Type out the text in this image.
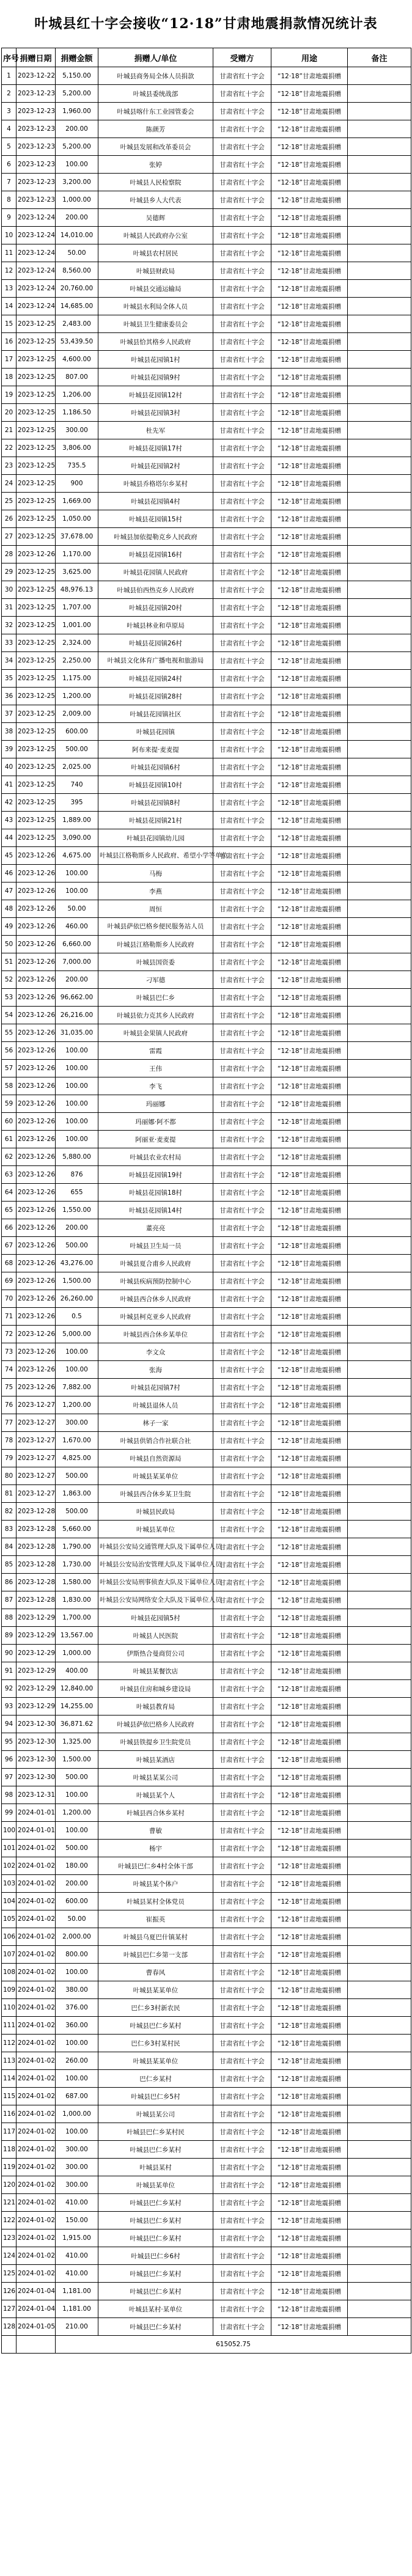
叶城县红十字会接收“12·18”甘肃地震捐款情况统计表
序号	捐赠日期	捐赠金额	捐赠人/单位	受赠方	用途	备注
1	2023-12-22	5,150.00	叶城县商务局全体人员捐款	甘肃省红十字会	“12·18”甘肃地震捐赠	
2	2023-12-23	5,200.00	叶城县委统战部	甘肃省红十字会	“12·18”甘肃地震捐赠	
3	2023-12-23	1,960.00	叶城县喀什东工业园管委会	甘肃省红十字会	“12·18”甘肃地震捐赠	
4	2023-12-23	200.00	陈颜芳	甘肃省红十字会	“12·18”甘肃地震捐赠	
5	2023-12-23	5,200.00	叶城县发展和改革委员会	甘肃省红十字会	“12·18”甘肃地震捐赠	
6	2023-12-23	100.00	张婷	甘肃省红十字会	“12·18”甘肃地震捐赠	
7	2023-12-23	3,200.00	叶城县人民检察院	甘肃省红十字会	“12·18”甘肃地震捐赠	
8	2023-12-23	1,000.00	叶城县乡人大代表	甘肃省红十字会	“12·18”甘肃地震捐赠	
9	2023-12-24	200.00	吴德辉	甘肃省红十字会	“12·18”甘肃地震捐赠	
10	2023-12-24	14,010.00	叶城县人民政府办公室	甘肃省红十字会	“12·18”甘肃地震捐赠	
11	2023-12-24	50.00	叶城县农村居民	甘肃省红十字会	“12·18”甘肃地震捐赠	
12	2023-12-24	8,560.00	叶城县财政局	甘肃省红十字会	“12·18”甘肃地震捐赠	
13	2023-12-24	20,760.00	叶城县交通运输局	甘肃省红十字会	“12·18”甘肃地震捐赠	
14	2023-12-24	14,685.00	叶城县水利局全体人员	甘肃省红十字会	“12·18”甘肃地震捐赠	
15	2023-12-25	2,483.00	叶城县卫生健康委员会	甘肃省红十字会	“12·18”甘肃地震捐赠	
16	2023-12-25	53,439.50	叶城县恰其格乡人民政府	甘肃省红十字会	“12·18”甘肃地震捐赠	
17	2023-12-25	4,600.00	叶城县花园镇1村	甘肃省红十字会	“12·18”甘肃地震捐赠	
18	2023-12-25	807.00	叶城县花园镇9村	甘肃省红十字会	“12·18”甘肃地震捐赠	
19	2023-12-25	1,206.00	叶城县花园镇12村	甘肃省红十字会	“12·18”甘肃地震捐赠	
20	2023-12-25	1,186.50	叶城县花园镇3村	甘肃省红十字会	“12·18”甘肃地震捐赠	
21	2023-12-25	300.00	杜先军	甘肃省红十字会	“12·18”甘肃地震捐赠	
22	2023-12-25	3,806.00	叶城县花园镇17村	甘肃省红十字会	“12·18”甘肃地震捐赠	
23	2023-12-25	735.5	叶城县花园镇2村	甘肃省红十字会	“12·18”甘肃地震捐赠	
24	2023-12-25	900	叶城县乔格塔尔乡某村	甘肃省红十字会	“12·18”甘肃地震捐赠	
25	2023-12-25	1,669.00	叶城县花园镇4村	甘肃省红十字会	“12·18”甘肃地震捐赠	
26	2023-12-25	1,050.00	叶城县花园镇15村	甘肃省红十字会	“12·18”甘肃地震捐赠	
27	2023-12-25	37,678.00	叶城县加依提勒克乡人民政府	甘肃省红十字会	“12·18”甘肃地震捐赠	
28	2023-12-26	1,170.00	叶城县花园镇16村	甘肃省红十字会	“12·18”甘肃地震捐赠	
29	2023-12-25	3,625.00	叶城县花园镇人民政府	甘肃省红十字会	“12·18”甘肃地震捐赠	
30	2023-12-25	48,976.13	叶城县伯西热克乡人民政府	甘肃省红十字会	“12·18”甘肃地震捐赠	
31	2023-12-25	1,707.00	叶城县花园镇20村	甘肃省红十字会	“12·18”甘肃地震捐赠	
32	2023-12-25	1,001.00	叶城县林业和草原局	甘肃省红十字会	“12·18”甘肃地震捐赠	
33	2023-12-25	2,324.00	叶城县花园镇26村	甘肃省红十字会	“12·18”甘肃地震捐赠	
34	2023-12-25	2,250.00	叶城县文化体育广播电视和旅游局	甘肃省红十字会	“12·18”甘肃地震捐赠	
35	2023-12-25	1,175.00	叶城县花园镇24村	甘肃省红十字会	“12·18”甘肃地震捐赠	
36	2023-12-25	1,200.00	叶城县花园镇28村	甘肃省红十字会	“12·18”甘肃地震捐赠	
37	2023-12-25	2,009.00	叶城县花园镇社区	甘肃省红十字会	“12·18”甘肃地震捐赠	
38	2023-12-25	600.00	叶城县花园镇	甘肃省红十字会	“12·18”甘肃地震捐赠	
39	2023-12-25	500.00	阿布来提·麦麦提	甘肃省红十字会	“12·18”甘肃地震捐赠	
40	2023-12-25	2,025.00	叶城县花园镇6村	甘肃省红十字会	“12·18”甘肃地震捐赠	
41	2023-12-25	740	叶城县花园镇10村	甘肃省红十字会	“12·18”甘肃地震捐赠	
42	2023-12-25	395	叶城县花园镇8村	甘肃省红十字会	“12·18”甘肃地震捐赠	
43	2023-12-25	1,889.00	叶城县花园镇21村	甘肃省红十字会	“12·18”甘肃地震捐赠	
44	2023-12-25	3,090.00	叶城县花园镇幼儿园	甘肃省红十字会	“12·18”甘肃地震捐赠	
45	2023-12-26	4,675.00	叶城县江格勒斯乡人民政府、希望小学等单位	甘肃省红十字会	“12·18”甘肃地震捐赠	
46	2023-12-26	100.00	马梅	甘肃省红十字会	“12·18”甘肃地震捐赠	
47	2023-12-26	100.00	李燕	甘肃省红十字会	“12·18”甘肃地震捐赠	
48	2023-12-26	50.00	周恒	甘肃省红十字会	“12·18”甘肃地震捐赠	
49	2023-12-26	460.00	叶城县萨依巴格乡便民服务站人员	甘肃省红十字会	“12·18”甘肃地震捐赠	
50	2023-12-26	6,660.00	叶城县江格勒斯乡人民政府	甘肃省红十字会	“12·18”甘肃地震捐赠	
51	2023-12-26	7,000.00	叶城县国资委	甘肃省红十字会	“12·18”甘肃地震捐赠	
52	2023-12-26	200.00	刁军德	甘肃省红十字会	“12·18”甘肃地震捐赠	
53	2023-12-26	96,662.00	叶城县巴仁乡	甘肃省红十字会	“12·18”甘肃地震捐赠	
54	2023-12-26	26,216.00	叶城县依力克其乡人民政府	甘肃省红十字会	“12·18”甘肃地震捐赠	
55	2023-12-26	31,035.00	叶城县金果镇人民政府	甘肃省红十字会	“12·18”甘肃地震捐赠	
56	2023-12-26	100.00	雷霞	甘肃省红十字会	“12·18”甘肃地震捐赠	
57	2023-12-26	100.00	王伟	甘肃省红十字会	“12·18”甘肃地震捐赠	
58	2023-12-26	100.00	李飞	甘肃省红十字会	“12·18”甘肃地震捐赠	
59	2023-12-26	100.00	玛丽娜	甘肃省红十字会	“12·18”甘肃地震捐赠	
60	2023-12-26	100.00	玛丽娜·阿不都	甘肃省红十字会	“12·18”甘肃地震捐赠	
61	2023-12-26	100.00	阿丽亚·麦麦提	甘肃省红十字会	“12·18”甘肃地震捐赠	
62	2023-12-26	5,880.00	叶城县农业农村局	甘肃省红十字会	“12·18”甘肃地震捐赠	
63	2023-12-26	876	叶城县花园镇19村	甘肃省红十字会	“12·18”甘肃地震捐赠	
64	2023-12-26	655	叶城县花园镇18村	甘肃省红十字会	“12·18”甘肃地震捐赠	
65	2023-12-26	1,550.00	叶城县花园镇14村	甘肃省红十字会	“12·18”甘肃地震捐赠	
66	2023-12-26	200.00	董亮亮	甘肃省红十字会	“12·18”甘肃地震捐赠	
67	2023-12-26	500.00	叶城县卫生局一员	甘肃省红十字会	“12·18”甘肃地震捐赠	
68	2023-12-26	43,276.00	叶城县夏合甫乡人民政府	甘肃省红十字会	“12·18”甘肃地震捐赠	
69	2023-12-26	1,500.00	叶城县疾病预防控制中心	甘肃省红十字会	“12·18”甘肃地震捐赠	
70	2023-12-26	26,260.00	叶城县西合休乡人民政府	甘肃省红十字会	“12·18”甘肃地震捐赠	
71	2023-12-26	0.5	叶城县柯克亚乡人民政府	甘肃省红十字会	“12·18”甘肃地震捐赠	
72	2023-12-26	5,000.00	叶城县西合休乡某单位	甘肃省红十字会	“12·18”甘肃地震捐赠	
73	2023-12-26	100.00	李文众	甘肃省红十字会	“12·18”甘肃地震捐赠	
74	2023-12-26	100.00	张海	甘肃省红十字会	“12·18”甘肃地震捐赠	
75	2023-12-26	7,882.00	叶城县花园镇7村	甘肃省红十字会	“12·18”甘肃地震捐赠	
76	2023-12-27	1,200.00	叶城县退休人员	甘肃省红十字会	“12·18”甘肃地震捐赠	
77	2023-12-27	300.00	林子一家	甘肃省红十字会	“12·18”甘肃地震捐赠	
78	2023-12-27	1,670.00	叶城县供销合作社联合社	甘肃省红十字会	“12·18”甘肃地震捐赠	
79	2023-12-27	4,825.00	叶城县自然资源局	甘肃省红十字会	“12·18”甘肃地震捐赠	
80	2023-12-27	500.00	叶城县某某单位	甘肃省红十字会	“12·18”甘肃地震捐赠	
81	2023-12-27	1,863.00	叶城县西合休乡某卫生院	甘肃省红十字会	“12·18”甘肃地震捐赠	
82	2023-12-28	500.00	叶城县民政局	甘肃省红十字会	“12·18”甘肃地震捐赠	
83	2023-12-28	5,660.00	叶城县某单位	甘肃省红十字会	“12·18”甘肃地震捐赠	
84	2023-12-28	1,790.00	叶城县公安局交通管理大队及下属单位人员	甘肃省红十字会	“12·18”甘肃地震捐赠	
85	2023-12-28	1,730.00	叶城县公安局治安管理大队及下属单位人员	甘肃省红十字会	“12·18”甘肃地震捐赠	
86	2023-12-28	1,580.00	叶城县公安局刑事侦查大队及下属单位人员	甘肃省红十字会	“12·18”甘肃地震捐赠	
87	2023-12-28	1,830.00	叶城县公安局网络安全大队及下属单位人员	甘肃省红十字会	“12·18”甘肃地震捐赠	
88	2023-12-29	1,700.00	叶城县花园镇5村	甘肃省红十字会	“12·18”甘肃地震捐赠	
89	2023-12-29	13,567.00	叶城县人民医院	甘肃省红十字会	“12·18”甘肃地震捐赠	
90	2023-12-29	1,000.00	伊斯热合曼商贸公司	甘肃省红十字会	“12·18”甘肃地震捐赠	
91	2023-12-29	400.00	叶城县某餐饮店	甘肃省红十字会	“12·18”甘肃地震捐赠	
92	2023-12-29	12,840.00	叶城县住房和城乡建设局	甘肃省红十字会	“12·18”甘肃地震捐赠	
93	2023-12-29	14,255.00	叶城县教育局	甘肃省红十字会	“12·18”甘肃地震捐赠	
94	2023-12-30	36,871.62	叶城县萨依巴格乡人民政府	甘肃省红十字会	“12·18”甘肃地震捐赠	
95	2023-12-30	1,325.00	叶城县铁提乡卫生院党员	甘肃省红十字会	“12·18”甘肃地震捐赠	
96	2023-12-30	1,500.00	叶城县某酒店	甘肃省红十字会	“12·18”甘肃地震捐赠	
97	2023-12-30	500.00	叶城县某某公司	甘肃省红十字会	“12·18”甘肃地震捐赠	
98	2023-12-31	100.00	叶城县某个人	甘肃省红十字会	“12·18”甘肃地震捐赠	
99	2024-01-01	1,200.00	叶城县西合休乡某村	甘肃省红十字会	“12·18”甘肃地震捐赠	
100	2024-01-01	100.00	曹敏	甘肃省红十字会	“12·18”甘肃地震捐赠	
101	2024-01-02	500.00	杨宇	甘肃省红十字会	“12·18”甘肃地震捐赠	
102	2024-01-02	180.00	叶城县巴仁乡4村全体干部	甘肃省红十字会	“12·18”甘肃地震捐赠	
103	2024-01-02	200.00	叶城县某个体户	甘肃省红十字会	“12·18”甘肃地震捐赠	
104	2024-01-02	600.00	叶城县某村全体党员	甘肃省红十字会	“12·18”甘肃地震捐赠	
105	2024-01-02	50.00	崔振英	甘肃省红十字会	“12·18”甘肃地震捐赠	
106	2024-01-02	2,000.00	叶城县乌夏巴什镇某村	甘肃省红十字会	“12·18”甘肃地震捐赠	
107	2024-01-02	800.00	叶城县巴仁乡第一支部	甘肃省红十字会	“12·18”甘肃地震捐赠	
108	2024-01-02	100.00	曹春风	甘肃省红十字会	“12·18”甘肃地震捐赠	
109	2024-01-02	380.00	叶城县某某单位	甘肃省红十字会	“12·18”甘肃地震捐赠	
110	2024-01-02	376.00	巴仁乡3村新农民	甘肃省红十字会	“12·18”甘肃地震捐赠	
111	2024-01-02	360.00	叶城县巴仁乡某村	甘肃省红十字会	“12·18”甘肃地震捐赠	
112	2024-01-02	100.00	巴仁乡3村某村民	甘肃省红十字会	“12·18”甘肃地震捐赠	
113	2024-01-02	260.00	叶城县某某单位	甘肃省红十字会	“12·18”甘肃地震捐赠	
114	2024-01-02	100.00	巴仁乡某村	甘肃省红十字会	“12·18”甘肃地震捐赠	
115	2024-01-02	687.00	叶城县巴仁乡5村	甘肃省红十字会	“12·18”甘肃地震捐赠	
116	2024-01-02	1,000.00	叶城县某公司	甘肃省红十字会	“12·18”甘肃地震捐赠	
117	2024-01-02	100.00	叶城县巴仁乡某村民	甘肃省红十字会	“12·18”甘肃地震捐赠	
118	2024-01-02	300.00	叶城县巴仁乡某村	甘肃省红十字会	“12·18”甘肃地震捐赠	
119	2024-01-02	300.00	叶城县某村	甘肃省红十字会	“12·18”甘肃地震捐赠	
120	2024-01-02	300.00	叶城县某单位	甘肃省红十字会	“12·18”甘肃地震捐赠	
121	2024-01-02	410.00	叶城县巴仁乡某村	甘肃省红十字会	“12·18”甘肃地震捐赠	
122	2024-01-02	150.00	叶城县巴仁乡某村	甘肃省红十字会	“12·18”甘肃地震捐赠	
123	2024-01-02	1,915.00	叶城县巴仁乡某村	甘肃省红十字会	“12·18”甘肃地震捐赠	
124	2024-01-02	410.00	叶城县巴仁乡6村	甘肃省红十字会	“12·18”甘肃地震捐赠	
125	2024-01-02	410.00	叶城县巴仁乡某村	甘肃省红十字会	“12·18”甘肃地震捐赠	
126	2024-01-04	1,181.00	叶城县巴仁乡某村	甘肃省红十字会	“12·18”甘肃地震捐赠	
127	2024-01-04	1,181.00	叶城县某村·某单位	甘肃省红十字会	“12·18”甘肃地震捐赠	
128	2024-01-05	210.00	叶城县巴仁乡某村	甘肃省红十字会	“12·18”甘肃地震捐赠	
		615052.75				
